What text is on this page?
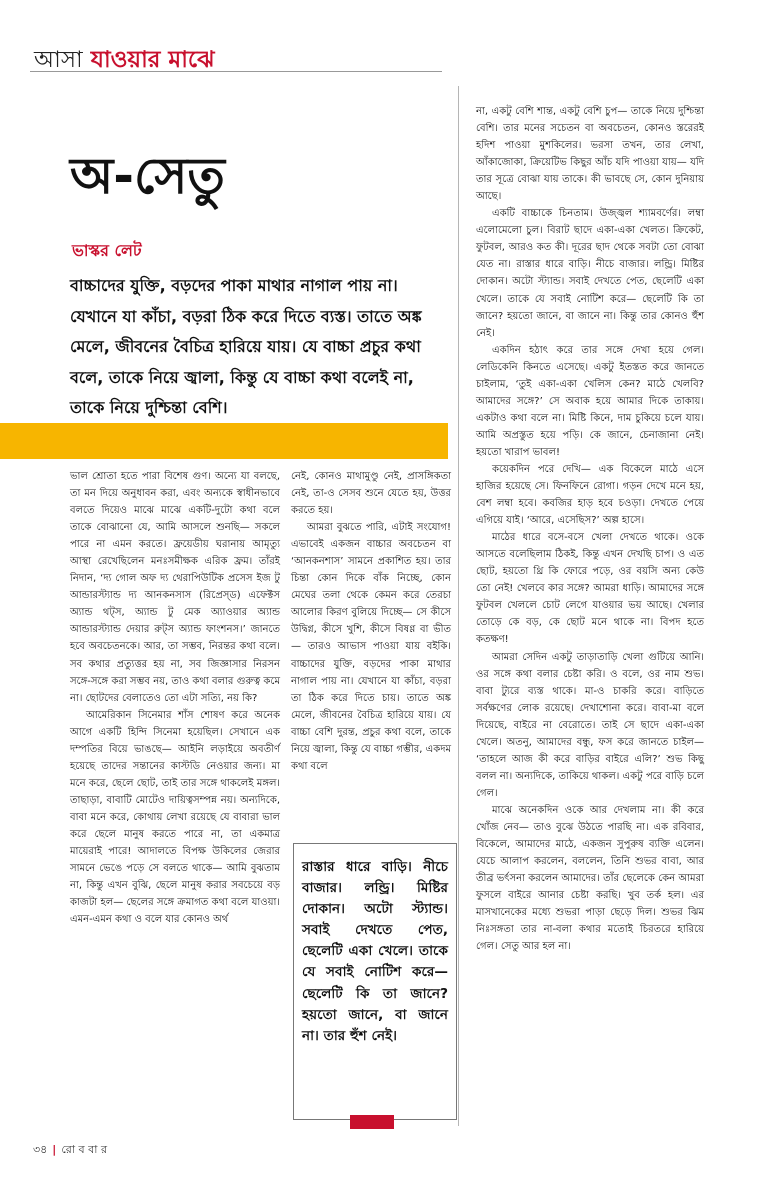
আসা যাওয়ার মাঝে
অ-সেতু
ভাস্কর লেট
বাচ্চাদের যুক্তি, বড়দের পাকা মাথার নাগাল পায় না। যেখানে যা কাঁচা, বড়রা ঠিক করে দিতে ব্যস্ত। তাতে অঙ্ক মেলে, জীবনের বৈচিত্র হারিয়ে যায়। যে বাচ্চা প্রচুর কথা বলে, তাকে নিয়ে জ্বালা, কিন্তু যে বাচ্চা কথা বলেই না, তাকে নিয়ে দুশ্চিন্তা বেশি।

ভাল শ্রোতা হতে পারা বিশেষ গুণ। অন্যে যা বলছে, তা মন দিয়ে অনুধাবন করা, এবং অন্যকে স্বাধীনভাবে বলতে দিয়েও মাঝে মাঝে একটি-দুটো কথা বলে তাকে বোঝানো যে, আমি আসলে শুনছি— সকলে পারে না এমন করতে। ফ্রয়েডীয় ঘরানায় আমৃত্যু আস্থা রেখেছিলেন মনঃসমীক্ষক এরিক ফ্রম। তাঁরই নিদান, ‘দ্য গোল অফ দ্য থেরাপিউটিক প্রসেস ইজ টু আন্ডারস্ট্যান্ড দ্য আনকনসাস (রিপ্রেস্‌ড) এফেক্টস অ্যান্ড থট্‌স, অ্যান্ড টু মেক অ্যাওয়ার অ্যান্ড আন্ডারস্ট্যান্ড দেয়ার রুট্‌স অ্যান্ড ফাংশনস।’ জানতে হবে অবচেতনকে। আর, তা সম্ভব, নিরন্তর কথা বলে। সব কথার প্রত্যুত্তর হয় না, সব জিজ্ঞাসার নিরসন সঙ্গে-সঙ্গে করা সম্ভব নয়, তাও কথা বলার গুরুত্ব কমে না। ছোটদের বেলাতেও তো এটা সত্যি, নয় কি?

আমেরিকান সিনেমার শাঁস শোষণ করে অনেক আগে একটি হিন্দি সিনেমা হয়েছিল। সেখানে এক দম্পতির বিয়ে ভাঙছে— আইনি লড়াইয়ে অবতীর্ণ হয়েছে তাদের সন্তানের কাস্টডি নেওয়ার জন্য। মা মনে করে, ছেলে ছোট, তাই তার সঙ্গে থাকলেই মঙ্গল। তাছাড়া, বাবাটি মোটেও দায়িত্বসম্পন্ন নয়। অন্যদিকে, বাবা মনে করে, কোথায় লেখা রয়েছে যে বাবারা ভাল করে ছেলে মানুষ করতে পারে না, তা একমাত্র মায়েরাই পারে! আদালতে বিপক্ষ উকিলের জেরার সামনে ভেঙে পড়ে সে বলতে থাকে— আমি বুঝতাম না, কিন্তু এখন বুঝি, ছেলে মানুষ করার সবচেয়ে বড় কাজটা হল— ছেলের সঙ্গে ক্রমাগত কথা বলে যাওয়া। এমন-এমন কথা ও বলে যার কোনও অর্থ

নেই, কোনও মাথামুণ্ডু নেই, প্রাসঙ্গিকতা নেই, তা-ও সেসব শুনে যেতে হয়, উত্তর করতে হয়।

আমরা বুঝতে পারি, এটাই সংযোগ! এভাবেই একজন বাচ্চার অবচেতন বা ‘আনকনশাস’ সামনে প্রকাশিত হয়। তার চিন্তা কোন দিকে বাঁক নিচ্ছে, কোন মেঘের তলা থেকে কেমন করে তেরচা আলোর কিরণ বুলিয়ে দিচ্ছে— সে কীসে উদ্বিগ্ন, কীসে খুশি, কীসে বিষণ্ণ বা ভীত— তারও আভাস পাওয়া যায় বইকি। বাচ্চাদের যুক্তি, বড়দের পাকা মাথার নাগাল পায় না। যেখানে যা কাঁচা, বড়রা তা ঠিক করে দিতে চায়। তাতে অঙ্ক মেলে, জীবনের বৈচিত্র হারিয়ে যায়। যে বাচ্চা বেশি দুরন্ত, প্রচুর কথা বলে, তাকে নিয়ে জ্বালা, কিন্তু যে বাচ্চা গম্ভীর, একদম কথা বলে

রাস্তার ধারে বাড়ি। নীচে বাজার। লন্ড্রি। মিষ্টির দোকান। অটো স্ট্যান্ড। সবাই দেখতে পেত, ছেলেটি একা খেলে। তাকে যে সবাই নোটিশ করে— ছেলেটি কি তা জানে? হয়তো জানে, বা জানে না। তার হুঁশ নেই।

না, একটু বেশি শান্ত, একটু বেশি চুপ— তাকে নিয়ে দুশ্চিন্তা বেশি। তার মনের সচেতন বা অবচেতন, কোনও স্তরেরই হদিশ পাওয়া মুশকিলের। ভরসা তখন, তার লেখা, আঁকাজোকা, ক্রিয়েটিভ কিছুর আঁচ যদি পাওয়া যায়— যদি তার সূত্রে বোঝা যায় তাকে। কী ভাবছে সে, কোন দুনিয়ায় আছে।

একটি বাচ্চাকে চিনতাম। উজ্জ্বল শ্যামবর্ণের। লম্বা এলোমেলো চুল। বিরাট ছাদে একা-একা খেলত। ক্রিকেট, ফুটবল, আরও কত কী। দূরের ছাদ থেকে সবটা তো বোঝা যেত না। রাস্তার ধারে বাড়ি। নীচে বাজার। লন্ড্রি। মিষ্টির দোকান। অটো স্ট্যান্ড। সবাই দেখতে পেত, ছেলেটি একা খেলে। তাকে যে সবাই নোটিশ করে— ছেলেটি কি তা জানে? হয়তো জানে, বা জানে না। কিন্তু তার কোনও হুঁশ নেই।

একদিন হঠাৎ করে তার সঙ্গে দেখা হয়ে গেল। লেডিকেনি কিনতে এসেছে। একটু ইতস্তত করে জানতে চাইলাম, ‘তুই একা-একা খেলিস কেন? মাঠে খেলবি? আমাদের সঙ্গে?’ সে অবাক হয়ে আমার দিকে তাকায়। একটাও কথা বলে না। মিষ্টি কিনে, দাম চুকিয়ে চলে যায়। আমি অপ্রস্তুত হয়ে পড়ি। কে জানে, চেনাজানা নেই। হয়তো খারাপ ভাবল!

কয়েকদিন পরে দেখি— এক বিকেলে মাঠে এসে হাজির হয়েছে সে। ফিনফিনে রোগা। গড়ন দেখে মনে হয়, বেশ লম্বা হবে। কবজির হাড় হবে চওড়া। দেখতে পেয়ে এগিয়ে যাই। ‘আরে, এসেছিস?’ অল্প হাসে।

মাঠের ধারে বসে-বসে খেলা দেখতে থাকে। ওকে আসতে বলেছিলাম ঠিকই, কিন্তু এখন দেখছি চাপ। ও এত ছোট, হয়তো থ্রি কি ফোরে পড়ে, ওর বয়সি অন্য কেউ তো নেই! খেলবে কার সঙ্গে? আমরা ধাড়ি। আমাদের সঙ্গে ফুটবল খেললে চোট লেগে যাওয়ার ভয় আছে। খেলার তোড়ে কে বড়, কে ছোট মনে থাকে না। বিপদ হতে কতক্ষণ!

আমরা সেদিন একটু তাড়াতাড়ি খেলা গুটিয়ে আনি। ওর সঙ্গে কথা বলার চেষ্টা করি। ও বলে, ওর নাম শুভ। বাবা ট্যুরে ব্যস্ত থাকে। মা-ও চাকরি করে। বাড়িতে সর্বক্ষণের লোক রয়েছে। দেখাশোনা করে। বাবা-মা বলে দিয়েছে, বাইরে না বেরোতে। তাই সে ছাদে একা-একা খেলে। অতনু, আমাদের বন্ধু, ফস করে জানতে চাইল— ‘তাহলে আজ কী করে বাড়ির বাইরে এলি?’ শুভ কিছু বলল না। অন্যদিকে, তাকিয়ে থাকল। একটু পরে বাড়ি চলে গেল।

মাঝে অনেকদিন ওকে আর দেখলাম না। কী করে খোঁজ নেব— তাও বুঝে উঠতে পারছি না। এক রবিবার, বিকেলে, আমাদের মাঠে, একজন সুপুরুষ ব্যক্তি এলেন। যেচে আলাপ করলেন, বললেন, তিনি শুভর বাবা, আর তীব্র ভর্ৎসনা করলেন আমাদের। তাঁর ছেলেকে কেন আমরা ফুসলে বাইরে আনার চেষ্টা করছি। খুব তর্ক হল। এর মাসখানেকের মধ্যে শুভরা পাড়া ছেড়ে দিল। শুভর ঝিম নিঃসঙ্গতা তার না-বলা কথার মতোই চিরতরে হারিয়ে গেল। সেতু আর হল না।

৩৪ | রো ব বা র
